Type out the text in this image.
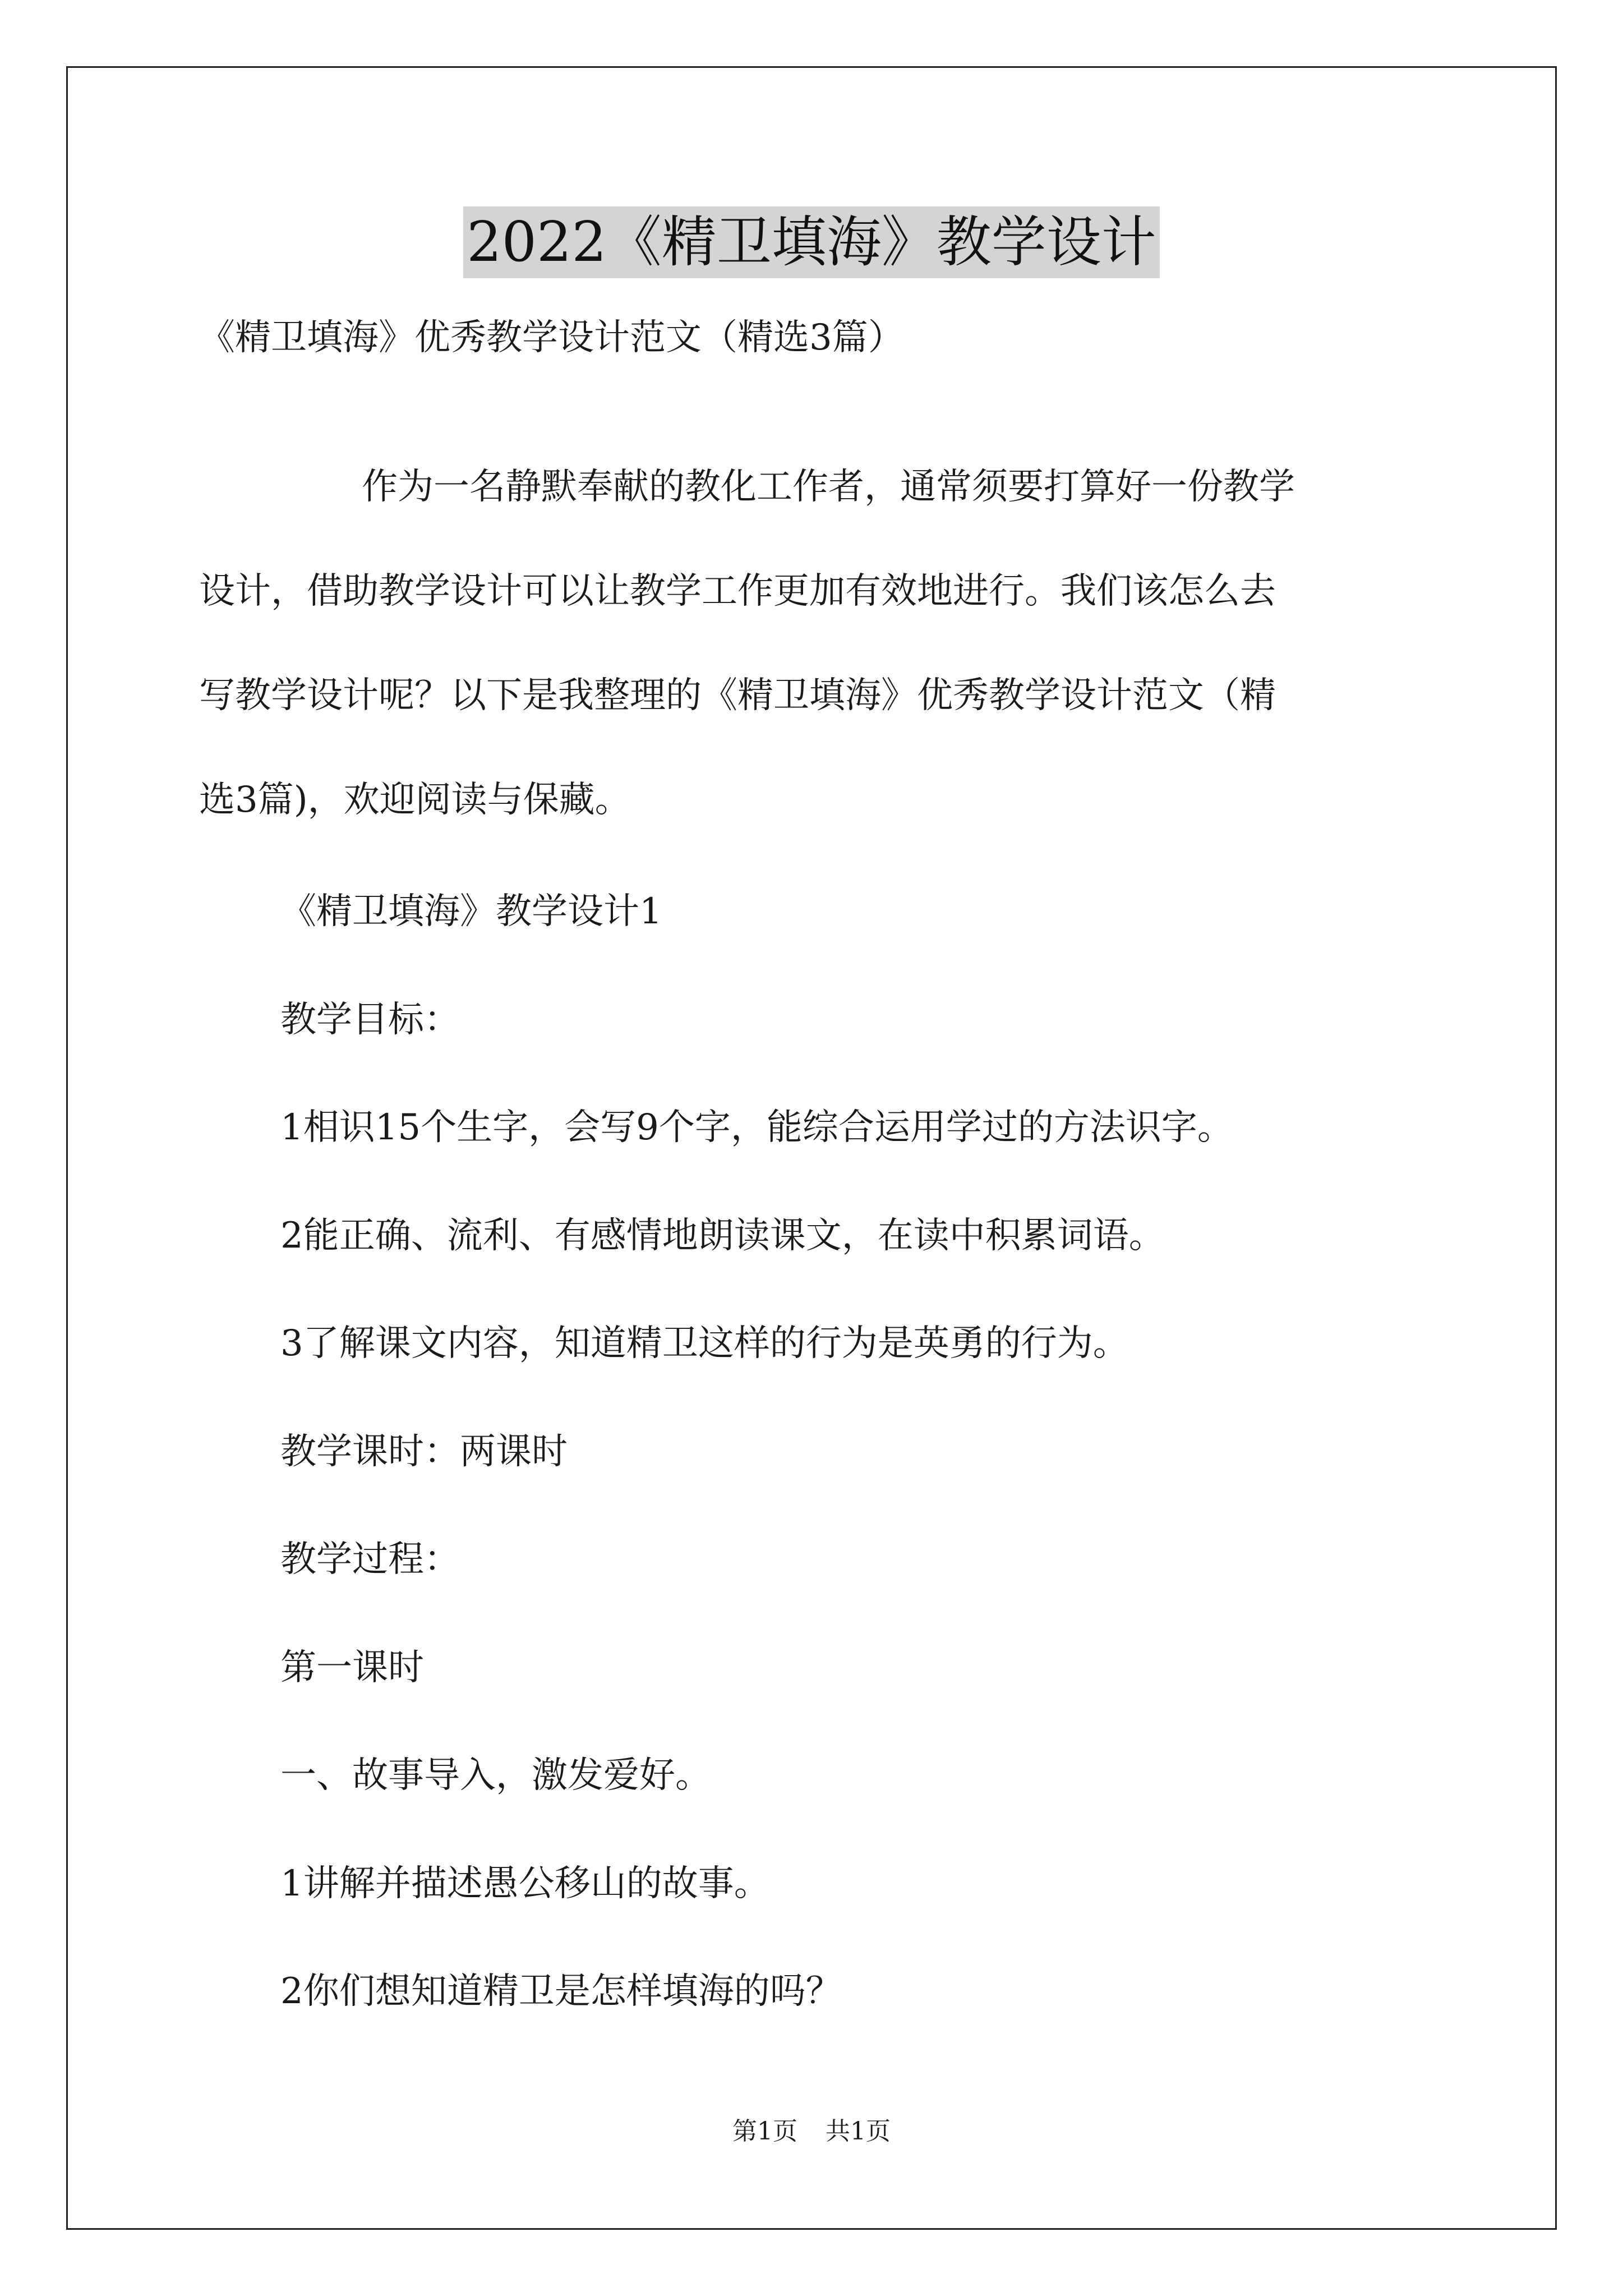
2022《精卫填海》教学设计
《精卫填海》优秀教学设计范文（精选3篇）
作为一名静默奉献的教化工作者，通常须要打算好一份教学
设计，借助教学设计可以让教学工作更加有效地进行。我们该怎么去
写教学设计呢？以下是我整理的《精卫填海》优秀教学设计范文（精
选3篇)，欢迎阅读与保藏。
《精卫填海》教学设计1
教学目标：
1相识15个生字，会写9个字，能综合运用学过的方法识字。
2能正确、流利、有感情地朗读课文，在读中积累词语。
3了解课文内容，知道精卫这样的行为是英勇的行为。
教学课时：两课时
教学过程：
第一课时
一、故事导入，激发爱好。
1讲解并描述愚公移山的故事。
2你们想知道精卫是怎样填海的吗？
第1页 共1页
